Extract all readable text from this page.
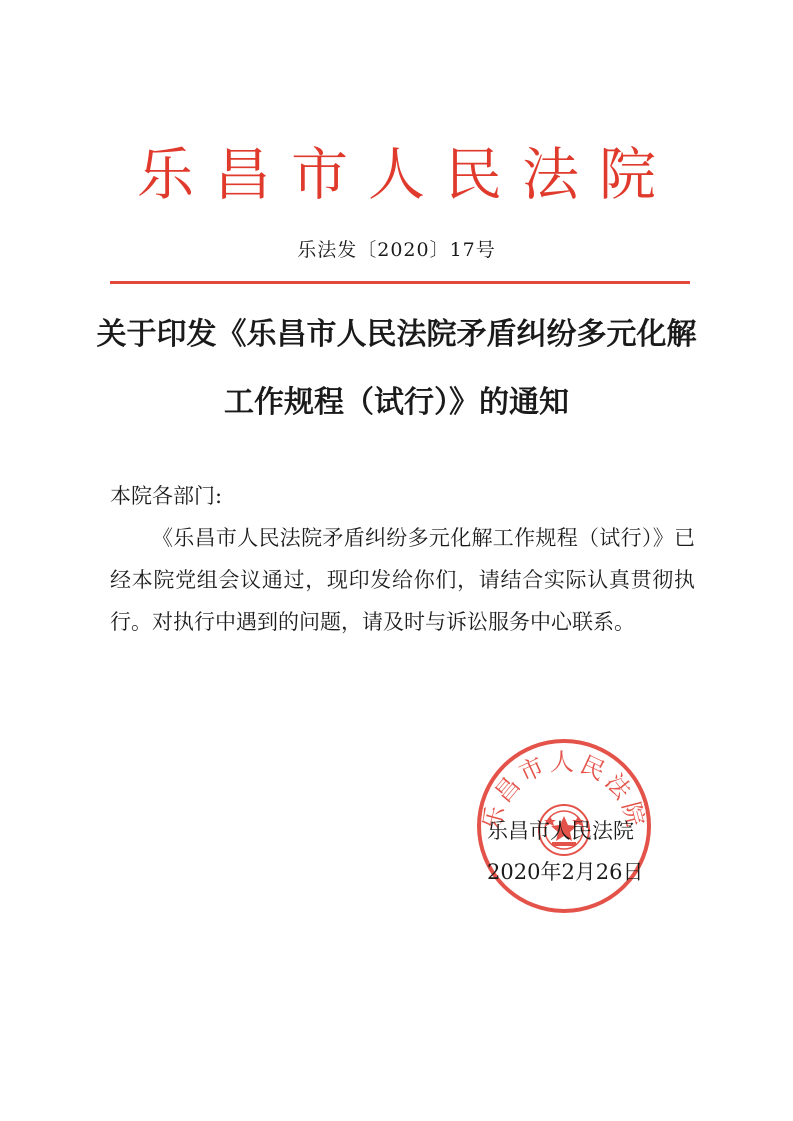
乐昌市人民法院
乐法发〔2020〕17号
关于印发《乐昌市人民法院矛盾纠纷多元化解
工作规程（试行）》的通知
本院各部门:
《乐昌市人民法院矛盾纠纷多元化解工作规程（试行）》已经本院党组会议通过，现印发给你们，请结合实际认真贯彻执行。对执行中遇到的问题，请及时与诉讼服务中心联系。
乐昌市人民法院
乐昌市人民法院
2020年2月26日
